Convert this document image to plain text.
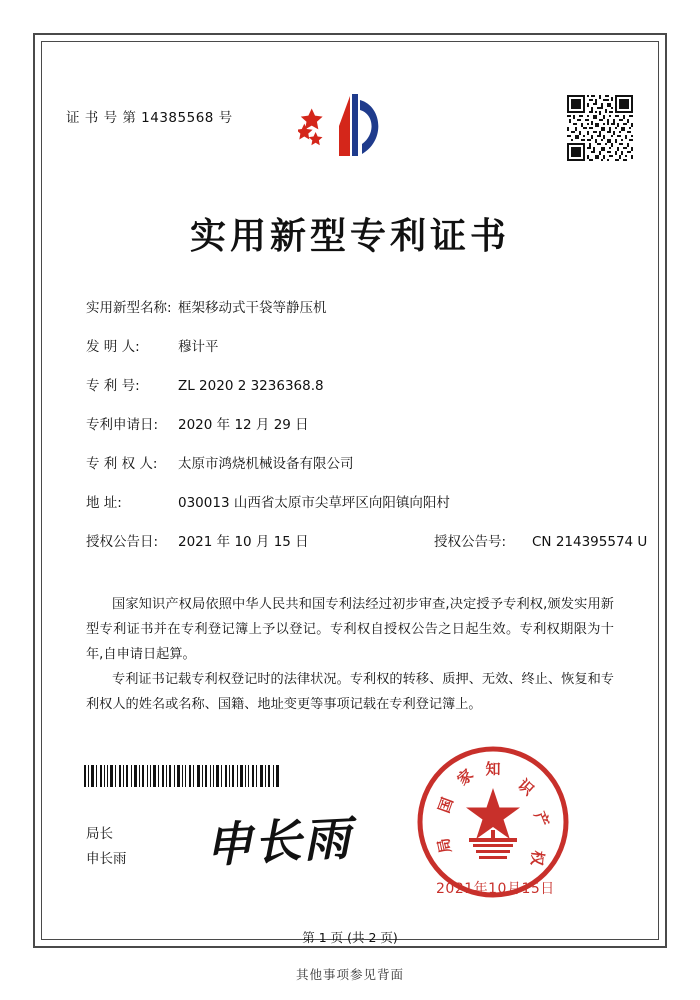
证 书 号 第 14385568 号
实用新型专利证书
实用新型名称: 框架移动式干袋等静压机
发 明 人:	穆计平
专 利 号:	ZL 2020 2 3236368.8
专利申请日: 2020 年 12 月 29 日
专 利 权 人: 太原市鸿烧机械设备有限公司
地 址:	030013 山西省太原市尖草坪区向阳镇向阳村
授权公告日: 2021 年 10 月 15 日	授权公告号: CN 214395574 U

国家知识产权局依照中华人民共和国专利法经过初步审查,决定授予专利权,颁发实用新型专利证书并在专利登记簿上予以登记。专利权自授权公告之日起生效。专利权期限为十年,自申请日起算。

专利证书记载专利权登记时的法律状况。专利权的转移、质押、无效、终止、恢复和专利权人的姓名或名称、国籍、地址变更等事项记载在专利登记簿上。

局长
申长雨 申长雨
知
家
国
局
识
产
权
2021年10月15日
第 1 页 (共 2 页)
其他事项参见背面
